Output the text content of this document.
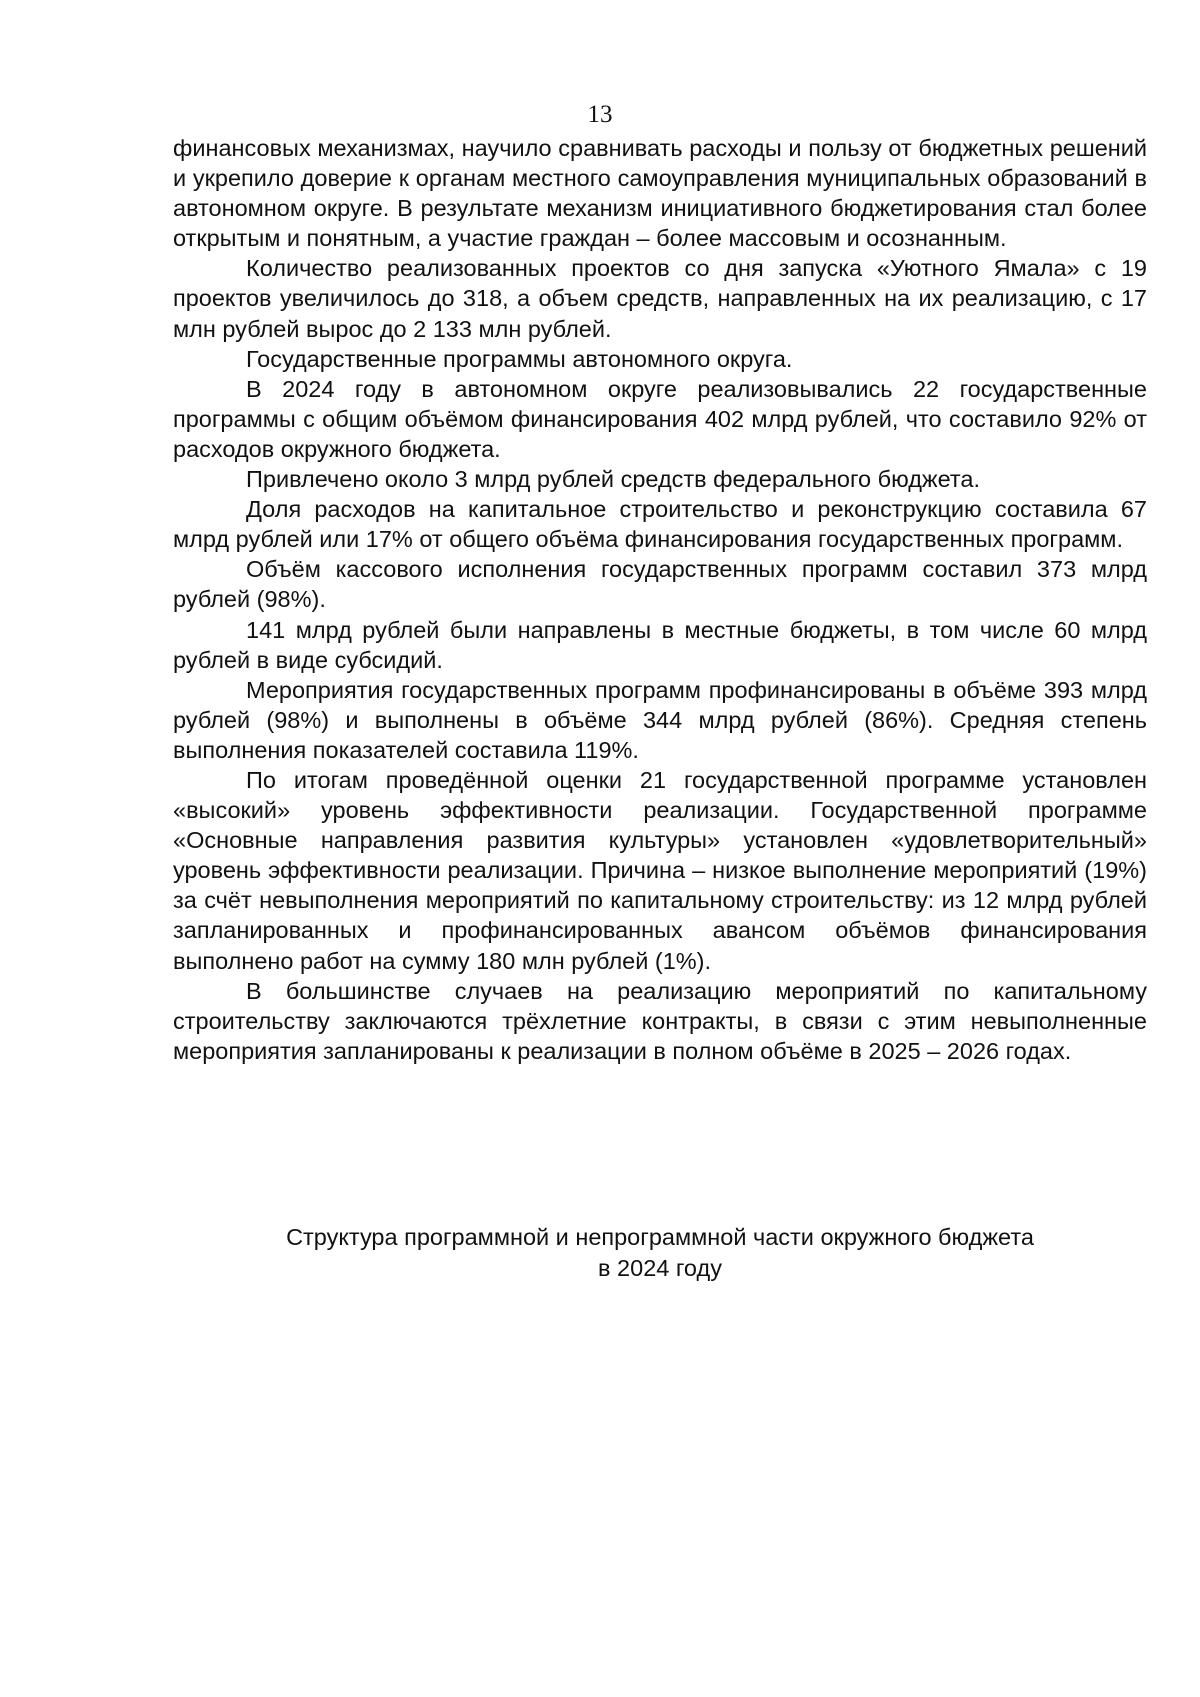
13

финансовых механизмах, научило сравнивать расходы и пользу от бюджетных решений и укрепило доверие к органам местного самоуправления муниципальных образований в автономном округе. В результате механизм инициативного бюджетирования стал более открытым и понятным, а участие граждан – более массовым и осознанным.

Количество реализованных проектов со дня запуска «Уютного Ямала» с 19 проектов увеличилось до 318, а объем средств, направленных на их реализацию, с 17 млн рублей вырос до 2 133 млн рублей.

Государственные программы автономного округа.

В 2024 году в автономном округе реализовывались 22 государственные программы с общим объёмом финансирования 402 млрд рублей, что составило 92% от расходов окружного бюджета.

Привлечено около 3 млрд рублей средств федерального бюджета.

Доля расходов на капитальное строительство и реконструкцию составила 67 млрд рублей или 17% от общего объёма финансирования государственных программ.

Объём кассового исполнения государственных программ составил 373 млрд рублей (98%).

141 млрд рублей были направлены в местные бюджеты, в том числе 60 млрд рублей в виде субсидий.

Мероприятия государственных программ профинансированы в объёме 393 млрд рублей (98%) и выполнены в объёме 344 млрд рублей (86%). Средняя степень выполнения показателей составила 119%.

По итогам проведённой оценки 21 государственной программе установлен «высокий» уровень эффективности реализации. Государственной программе «Основные направления развития культуры» установлен «удовлетворительный» уровень эффективности реализации. Причина – низкое выполнение мероприятий (19%) за счёт невыполнения мероприятий по капитальному строительству: из 12 млрд рублей запланированных и профинансированных авансом объёмов финансирования выполнено работ на сумму 180 млн рублей (1%).

В большинстве случаев на реализацию мероприятий по капитальному строительству заключаются трёхлетние контракты, в связи с этим невыполненные мероприятия запланированы к реализации в полном объёме в 2025 – 2026 годах.

Структура программной и непрограммной части окружного бюджета
в 2024 году
